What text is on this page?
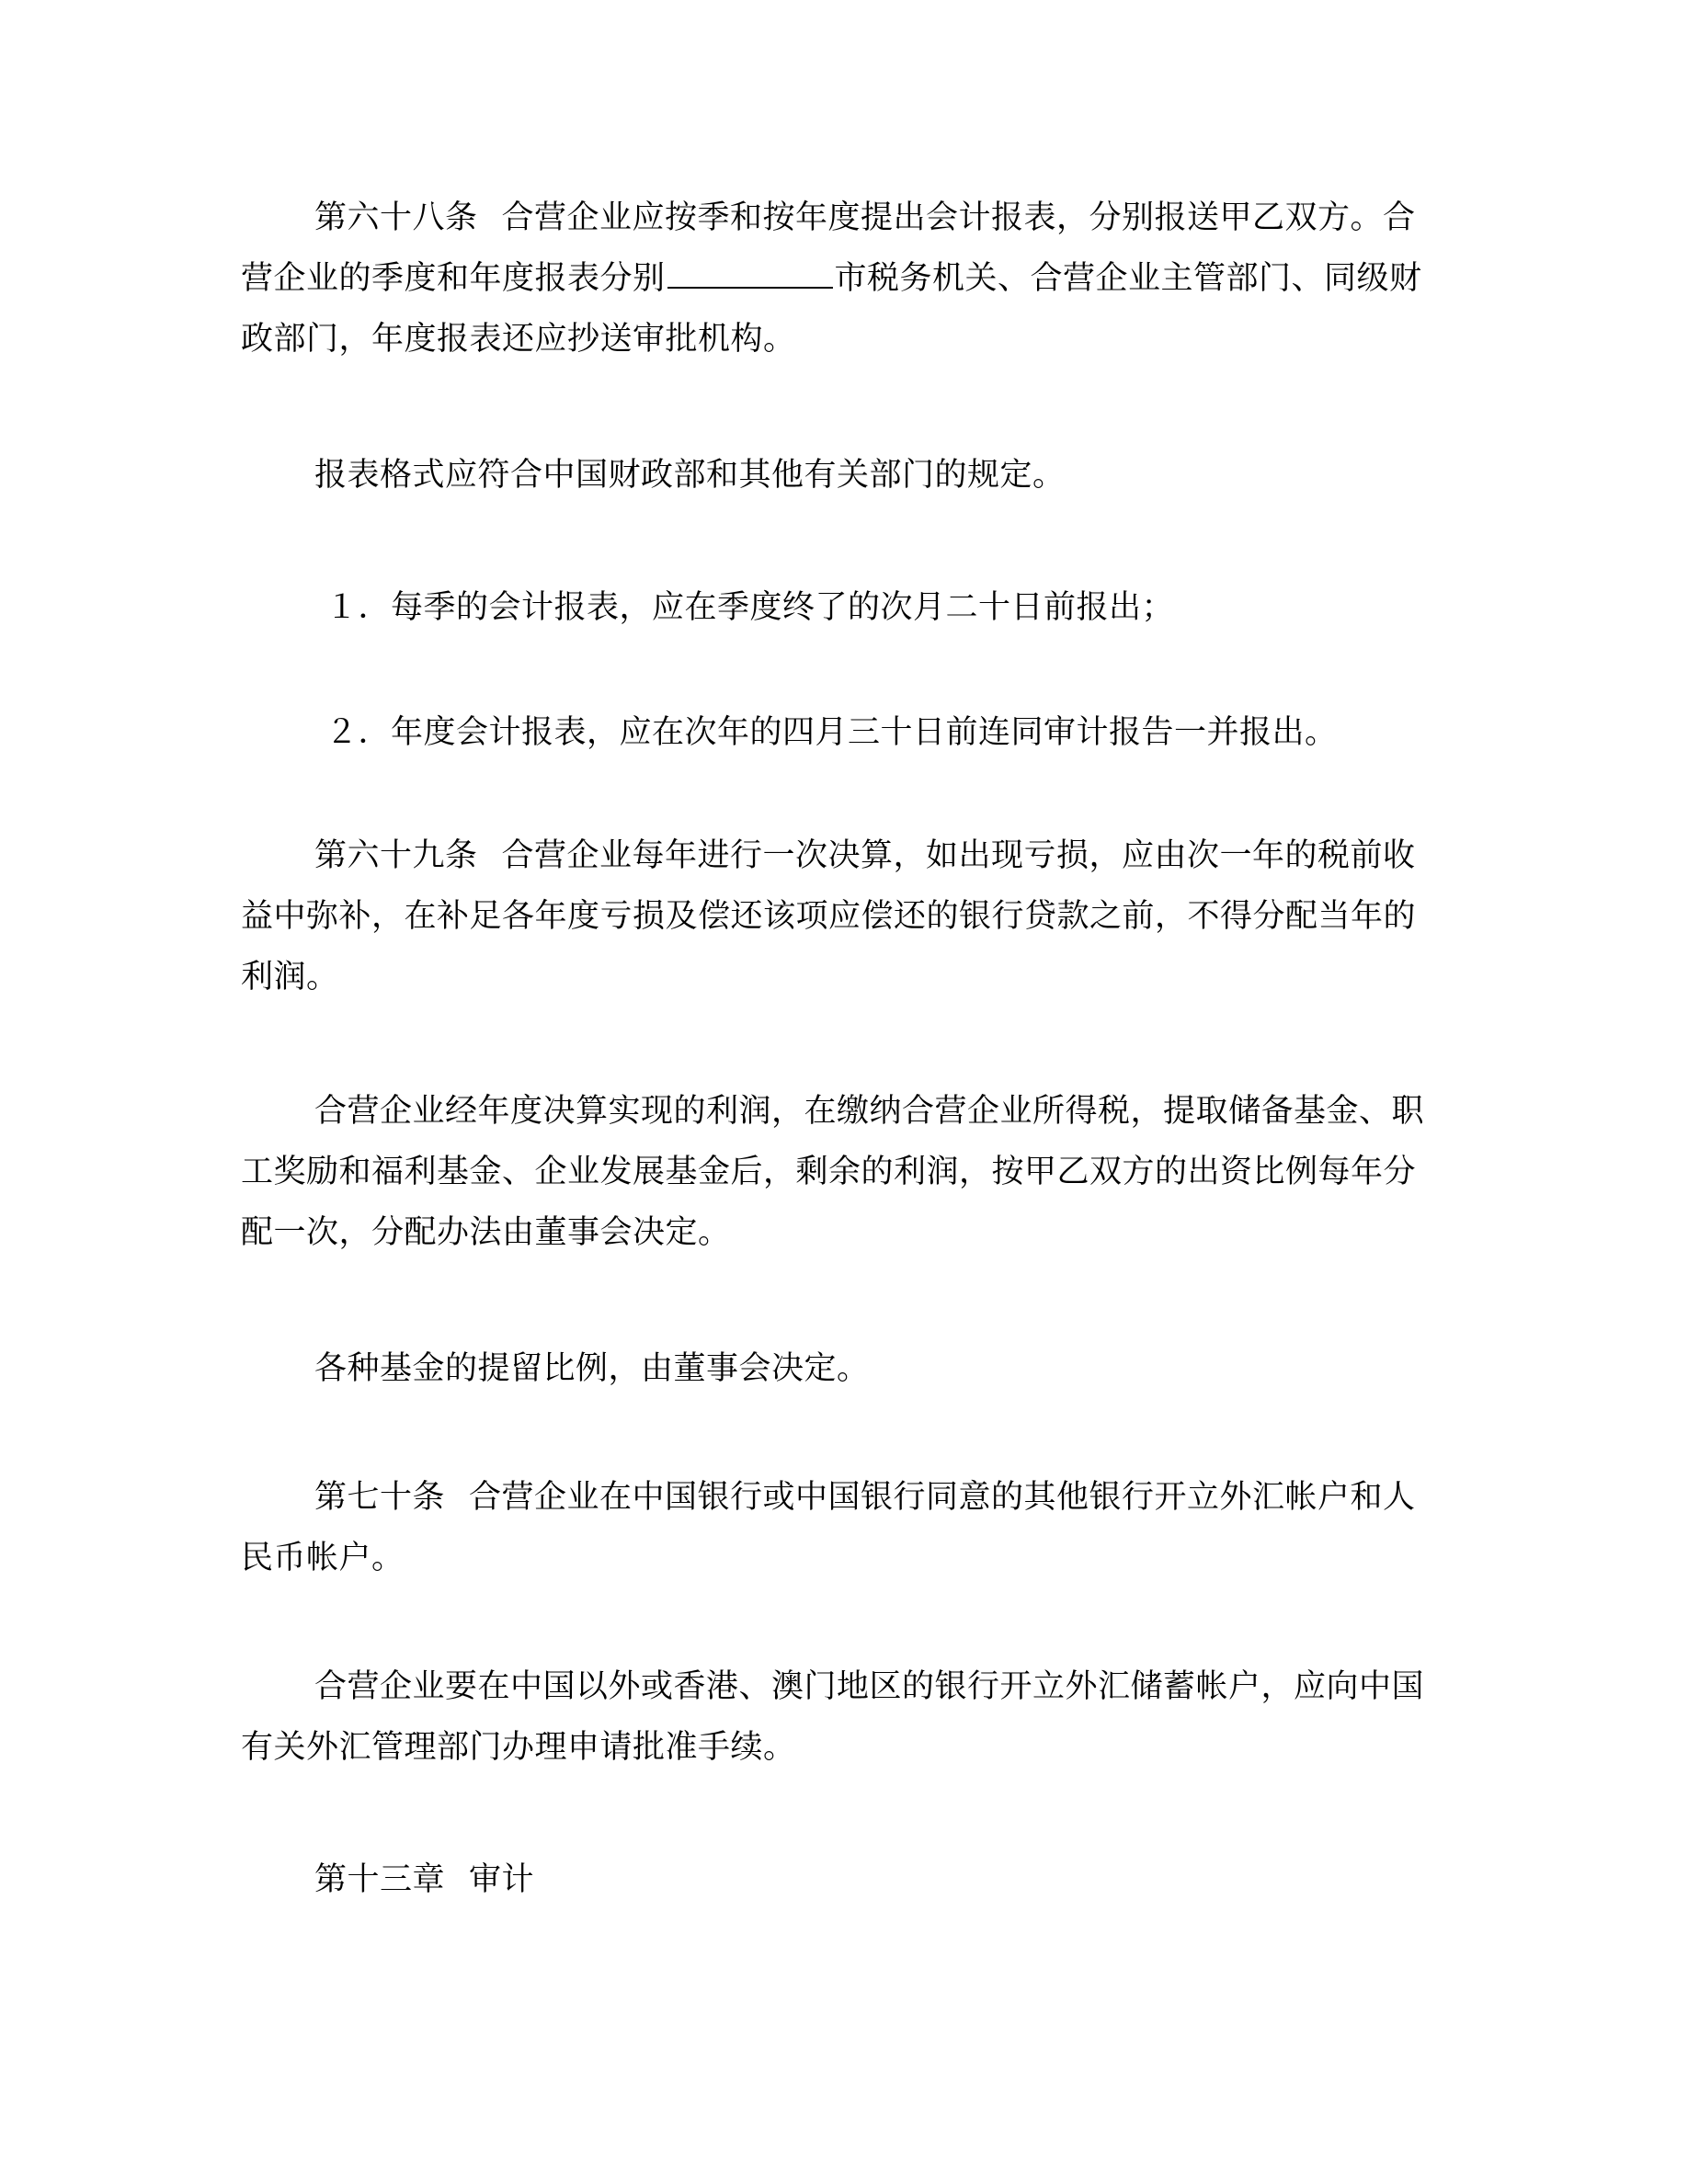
第六十八条 合营企业应按季和按年度提出会计报表，分别报送甲乙双方。合
营企业的季度和年度报表分别	市税务机关、合营企业主管部门、同级财
政部门，年度报表还应抄送审批机构。

报表格式应符合中国财政部和其他有关部门的规定。

１．每季的会计报表，应在季度终了的次月二十日前报出；

２．年度会计报表，应在次年的四月三十日前连同审计报告一并报出。

第六十九条 合营企业每年进行一次决算，如出现亏损，应由次一年的税前收
益中弥补，在补足各年度亏损及偿还该项应偿还的银行贷款之前，不得分配当年的
利润。

合营企业经年度决算实现的利润，在缴纳合营企业所得税，提取储备基金、职
工奖励和福利基金、企业发展基金后，剩余的利润，按甲乙双方的出资比例每年分
配一次，分配办法由董事会决定。

各种基金的提留比例，由董事会决定。

第七十条 合营企业在中国银行或中国银行同意的其他银行开立外汇帐户和人
民币帐户。

合营企业要在中国以外或香港、澳门地区的银行开立外汇储蓄帐户，应向中国
有关外汇管理部门办理申请批准手续。

第十三章 审计
